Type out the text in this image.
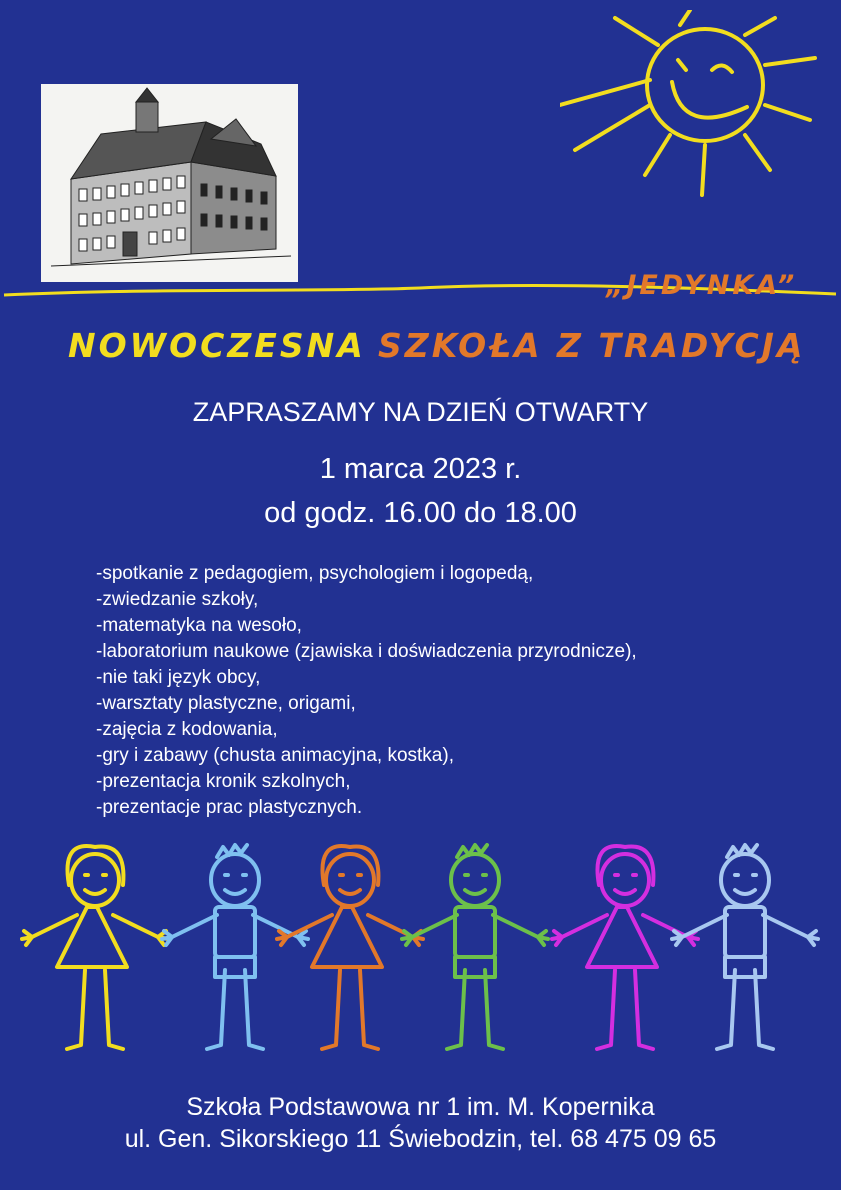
„JEDYNKA”
NOWOCZESNA SZKOŁA Z TRADYCJĄ
ZAPRASZAMY NA DZIEŃ OTWARTY
1 marca 2023 r.
od godz. 16.00 do 18.00
-spotkanie z pedagogiem, psychologiem i logopedą,
-zwiedzanie szkoły,
-matematyka na wesoło,
-laboratorium naukowe (zjawiska i doświadczenia przyrodnicze),
-nie taki język obcy,
-warsztaty plastyczne, origami,
-zajęcia z kodowania,
-gry i zabawy (chusta animacyjna, kostka),
-prezentacja kronik szkolnych,
-prezentacje prac plastycznych.
Szkoła Podstawowa nr 1 im. M. Kopernika
ul. Gen. Sikorskiego 11 Świebodzin, tel. 68 475 09 65
